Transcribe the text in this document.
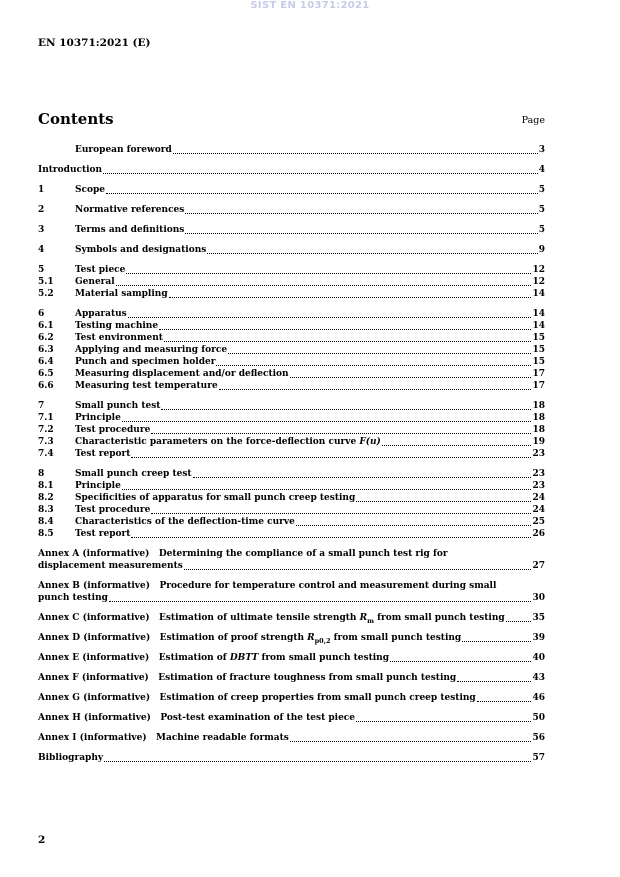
SIST EN 10371:2021
EN 10371:2021 (E)
Contents	Page
European foreword	3
Introduction	4
1	Scope	5
2	Normative references	5
3	Terms and definitions	5
4	Symbols and designations	9
5	Test piece	12
5.1	General	12
5.2	Material sampling	14
6	Apparatus	14
6.1	Testing machine	14
6.2	Test environment	15
6.3	Applying and measuring force	15
6.4	Punch and specimen holder	15
6.5	Measuring displacement and/or deflection	17
6.6	Measuring test temperature	17
7	Small punch test	18
7.1	Principle	18
7.2	Test procedure	18
7.3	Characteristic parameters on the force-deflection curve F(u)	19
7.4	Test report	23
8	Small punch creep test	23
8.1	Principle	23
8.2	Specificities of apparatus for small punch creep testing	24
8.3	Test procedure	24
8.4	Characteristics of the deflection-time curve	25
8.5	Test report	26
Annex A (informative) Determining the compliance of a small punch test rig for
displacement measurements	27
Annex B (informative) Procedure for temperature control and measurement during small
punch testing	30
Annex C (informative) Estimation of ultimate tensile strength $R_m$ from small punch testing	35
Annex D (informative) Estimation of proof strength $R_{p0,2}$ from small punch testing	39
Annex E (informative) Estimation of DBTT from small punch testing	40
Annex F (informative) Estimation of fracture toughness from small punch testing	43
Annex G (informative) Estimation of creep properties from small punch creep testing	46
Annex H (informative) Post-test examination of the test piece	50
Annex I (informative) Machine readable formats	56
Bibliography	57
2
